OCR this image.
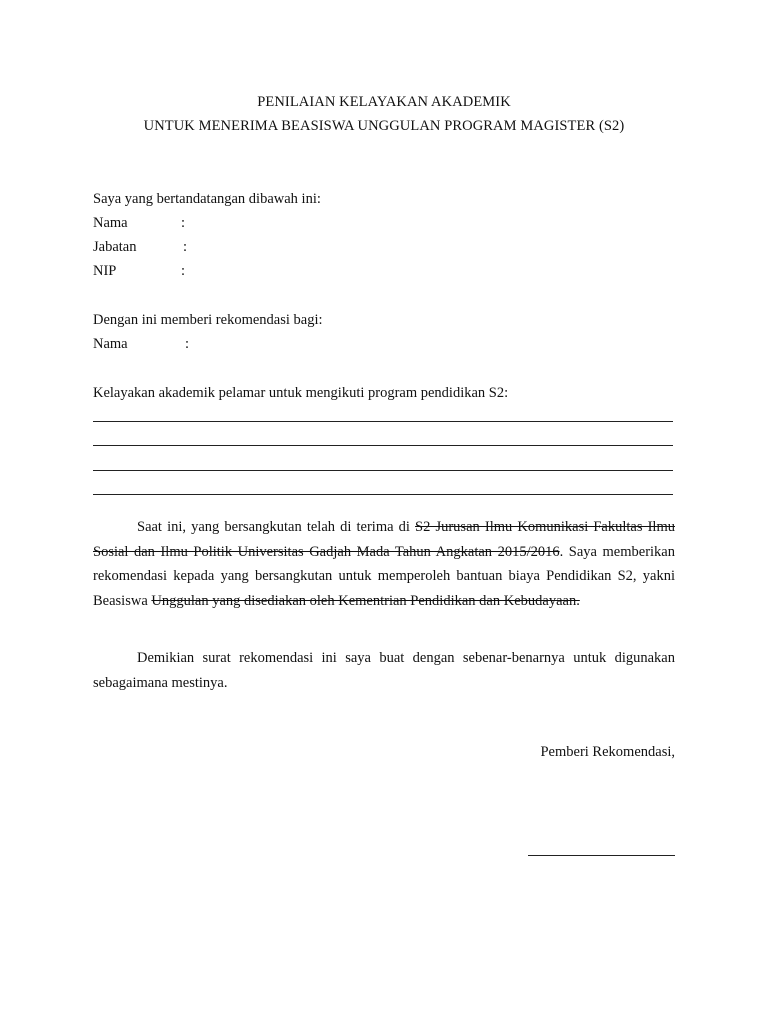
PENILAIAN KELAYAKAN AKADEMIK
UNTUK MENERIMA BEASISWA UNGGULAN PROGRAM MAGISTER (S2)
Saya yang bertandatangan dibawah ini:
Nama	:
Jabatan	:
NIP	:
Dengan ini memberi rekomendasi bagi:
Nama	:
Kelayakan akademik pelamar untuk mengikuti program pendidikan S2:

Saat ini, yang bersangkutan telah di terima di S2 Jurusan Ilmu Komunikasi Fakultas Ilmu Sosial dan Ilmu Politik Universitas Gadjah Mada Tahun Angkatan 2015/2016. Saya memberikan rekomendasi kepada yang bersangkutan untuk memperoleh bantuan biaya Pendidikan S2, yakni Beasiswa Unggulan yang disediakan oleh Kementrian Pendidikan dan Kebudayaan.

Demikian surat rekomendasi ini saya buat dengan sebenar-benarnya untuk digunakan sebagaimana mestinya.

Pemberi Rekomendasi,
